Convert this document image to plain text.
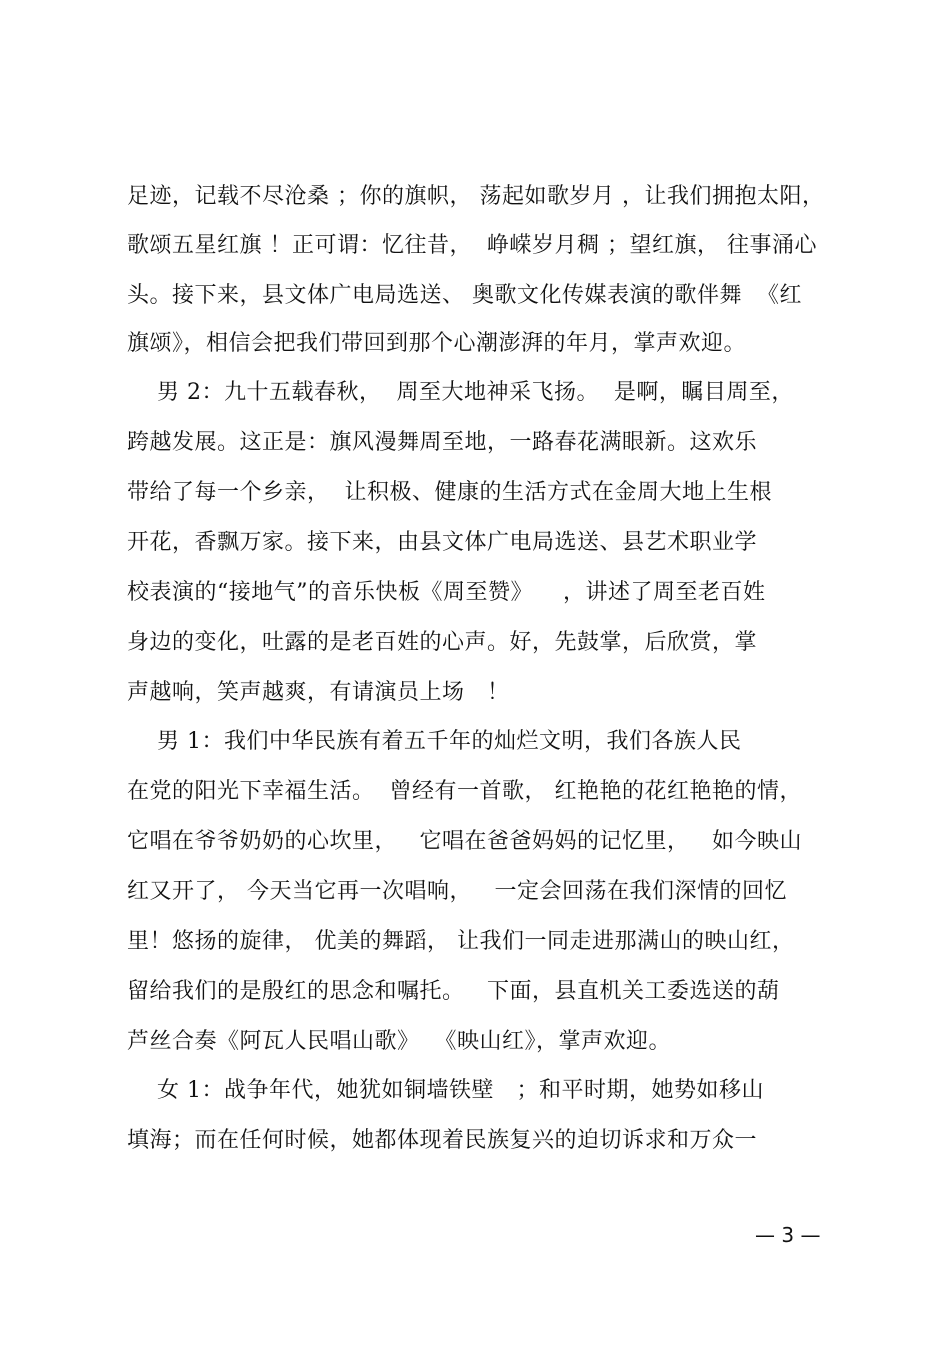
足迹，记载不尽沧桑 ；你的旗帜， 荡起如歌岁月 ，让我们拥抱太阳，
歌颂五星红旗 ！正可谓：忆往昔，  峥嵘岁月稠 ；望红旗， 往事涌心
头。接下来，县文体广电局选送、 奥歌文化传媒表演的歌伴舞  《红
旗颂》，相信会把我们带回到那个心潮澎湃的年月，掌声欢迎。
男 2：九十五载春秋，  周至大地神采飞扬。  是啊，瞩目周至，
跨越发展。这正是：旗风漫舞周至地，一路春花满眼新。这欢乐
带给了每一个乡亲，  让积极、健康的生活方式在金周大地上生根
开花，香飘万家。接下来，由县文体广电局选送、县艺术职业学
校表演的“接地气”的音乐快板《周至赞》    ，讲述了周至老百姓
身边的变化，吐露的是老百姓的心声。好，先鼓掌，后欣赏，掌
声越响，笑声越爽，有请演员上场   ！
男 1：我们中华民族有着五千年的灿烂文明，我们各族人民
在党的阳光下幸福生活。  曾经有一首歌， 红艳艳的花红艳艳的情，
它唱在爷爷奶奶的心坎里，   它唱在爸爸妈妈的记忆里，   如今映山
红又开了， 今天当它再一次唱响，   一定会回荡在我们深情的回忆
里！悠扬的旋律， 优美的舞蹈， 让我们一同走进那满山的映山红，
留给我们的是殷红的思念和嘱托。   下面，县直机关工委选送的葫
芦丝合奏《阿瓦人民唱山歌》  《映山红》，掌声欢迎。
女 1：战争年代，她犹如铜墙铁壁   ；和平时期，她势如移山
填海；而在任何时候，她都体现着民族复兴的迫切诉求和万众一
— 3 —
